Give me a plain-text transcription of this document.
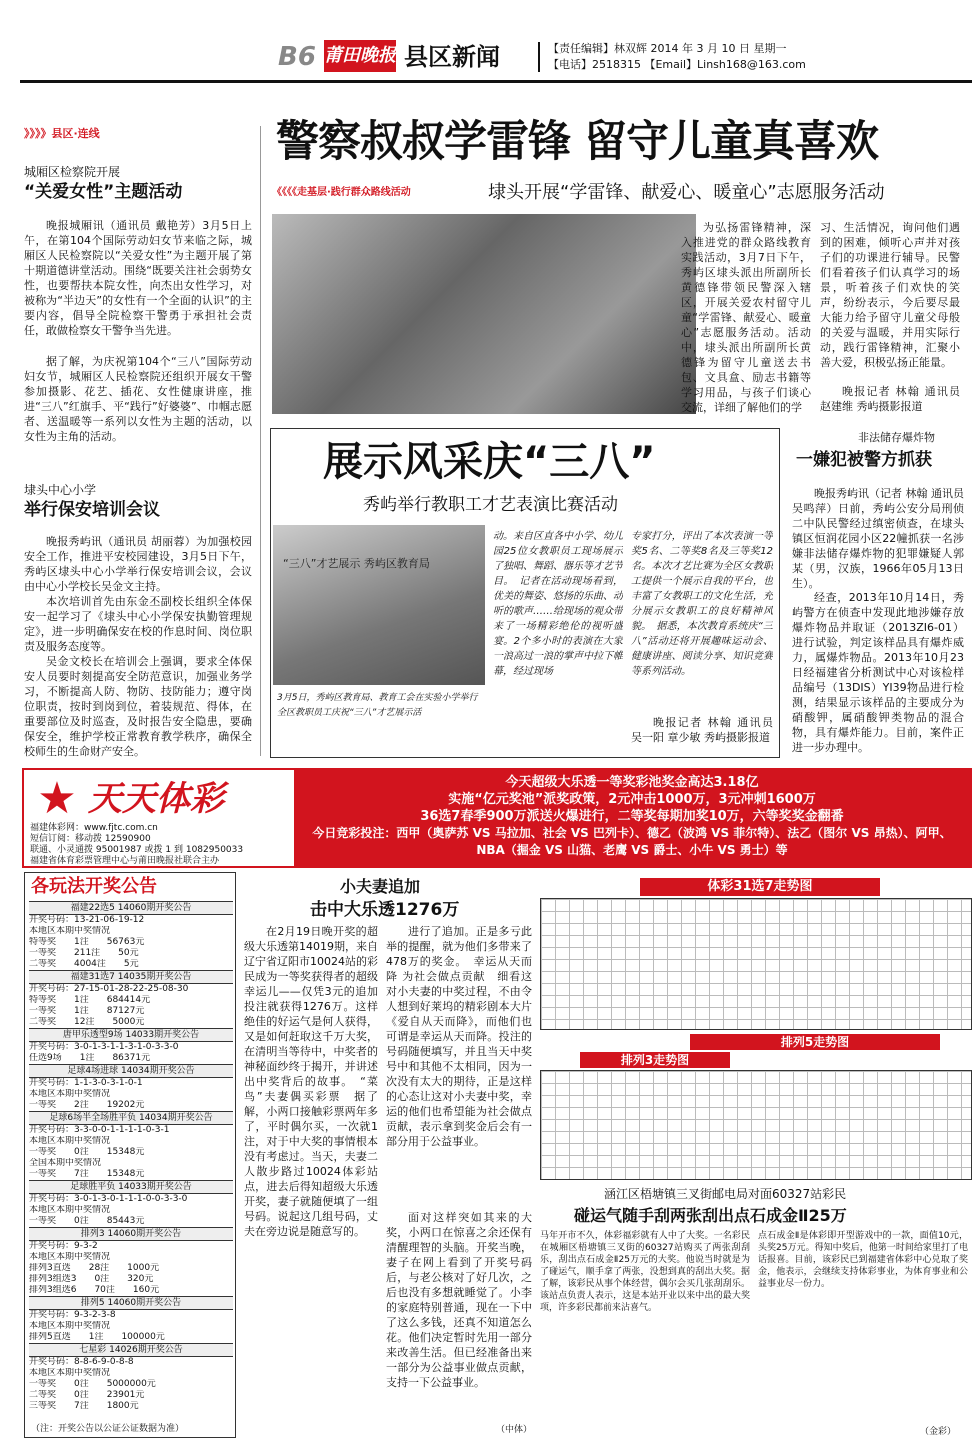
B6 莆田晚报 县区新闻	【责任编辑】林双辉 2014 年 3 月 10 日 星期一
【电话】2518315 【Email】Linsh168@163.com
》》》》县区·连线
城厢区检察院开展
“关爱女性”主题活动
晚报城厢讯（通讯员 戴艳芳）3月5日上午，在第104个国际劳动妇女节来临之际，城厢区人民检察院以“关爱女性”为主题开展了第十期道德讲堂活动。围绕“既要关注社会弱势女性，也要帮扶本院女性，向杰出女性学习，对被称为“半边天”的女性有一个全面的认识”的主要内容，倡导全院检察干警勇于承担社会责任，敢做检察女干警争当先进。
据了解，为庆祝第104个“三八”国际劳动妇女节，城厢区人民检察院还组织开展女干警参加摄影、花艺、插花、女性健康讲座，推进“三八”红旗手、平“践行”好婆婆”、巾帼志愿者、送温暖等一系列以女性为主题的活动，以女性为主角的活动。
埭头中心小学
举行保安培训会议
晚报秀屿讯（通讯员 胡丽蓉）为加强校园安全工作，推进平安校园建设，3月5日下午，秀屿区埭头中心小学举行保安培训会议，会议由中心小学校长吴金文主持。
本次培训首先由东金丕副校长组织全体保安一起学习了《埭头中心小学保安执勤管理规定》，进一步明确保安在校的作息时间、岗位职责及服务态度等。
吴金文校长在培训会上强调，要求全体保安人员要时刻提高安全防范意识，加强业务学习，不断提高人防、物防、技防能力；遵守岗位职责，按时到岗到位，着装规范、得体，在重要部位及时巡查，及时报告安全隐患，要确保安全，维护学校正常教育教学秩序，确保全校师生的生命财产安全。
警察叔叔学雷锋 留守儿童真喜欢
《《《《走基层·践行群众路线活动	埭头开展“学雷锋、献爱心、暖童心”志愿服务活动
为弘扬雷锋精神，深入推进党的群众路线教育实践活动，3月7日下午，秀屿区埭头派出所副所长黄德锋带领民警深入辖区，开展关爱农村留守儿童“学雷锋、献爱心、暖童心”志愿服务活动。活动中，埭头派出所副所长黄德锋为留守儿童送去书包、文具盒、励志书籍等学习用品，与孩子们谈心交流，详细了解他们的学
习、生活情况，询问他们遇到的困难，倾听心声并对孩子们的功课进行辅导。民警们看着孩子们认真学习的场景，听着孩子们欢快的笑声，纷纷表示，今后要尽最大能力给予留守儿童父母般的关爱与温暖，并用实际行动，践行雷锋精神，汇聚小善大爱，积极弘扬正能量。
晚报记者 林翰 通讯员 赵建维 秀屿摄影报道
展示风采庆“三八”
秀屿举行教职工才艺表演比赛活动
“三八”才艺展示 秀屿区教育局
3月5日，秀屿区教育局、教育工会在实验小学举行全区教职员工庆祝“三八”才艺展示活
动。来自区直各中小学、幼儿园25位女教职员工现场展示了独唱、舞蹈、器乐等才艺节目。　记者在活动现场看到，优美的舞姿、悠扬的乐曲、动听的歌声……给现场的观众带来了一场精彩绝伦的视听盛宴。2个多小时的表演在大家一浪高过一浪的掌声中拉下帷幕，经过现场
专家打分，评出了本次表演一等奖5名、二等奖8名及三等奖12名。本次才艺比赛为全区女教职工提供一个展示自我的平台，也丰富了女教职工的文化生活，充分展示女教职工的良好精神风貌。　据悉，本次教育系统庆“三八”活动还将开展趣味运动会、健康讲座、阅读分享、知识竞赛等系列活动。
晚报记者 林翰 通讯员 吴一阳 章少敏 秀屿摄影报道
非法储存爆炸物
一嫌犯被警方抓获
晚报秀屿讯（记者 林翰 通讯员 吴鸣萍）日前，秀屿公安分局刑侦二中队民警经过缜密侦查，在埭头镇区恒润花园小区22幢抓获一名涉嫌非法储存爆炸物的犯罪嫌疑人郭某（男，汉族，1966年05月13日生）。
经查，2013年10月14日，秀屿警方在侦查中发现此地涉嫌存放爆炸物品并取证（2013ZI6-01）进行试验，判定该样品具有爆炸威力，属爆炸物品。2013年10月23日经福建省分析测试中心对该检样品编号（13DIS）YI39物品进行检测，结果显示该样品的主要成分为硝酸钾，属硝酸钾类物品的混合物，具有爆炸能力。目前，案件正进一步办理中。
★ 天天体彩
福建体彩网：www.fjtc.com.cn
短信订阅：移动拨 12590900
联通、小灵通拨 95001987 或拨 1 到 1082950033
福建省体育彩票管理中心与莆田晚报社联合主办
今天超级大乐透一等奖彩池奖金高达3.18亿
实施“亿元奖池”派奖政策，2元冲击1000万，3元冲刺1600万
36选7春季900万派送火爆进行，二等奖每期加奖10万，六等奖奖金翻番
今日竞彩投注：西甲（奥萨苏 VS 马拉加、社会 VS 巴列卡）、德乙（波鸿 VS 菲尔特）、法乙（图尔 VS 昂热）、阿甲、NBA（掘金 VS 山猫、老鹰 VS 爵士、小牛 VS 勇士）等
各玩法开奖公告
福建22选5 14060期开奖公告
开奖号码：13-21-06-19-12
本地区本期中奖情况
特等奖　　1注　　56763元
一等奖　　211注　　50元
二等奖　　4004注　　5元
福建31选7 14035期开奖公告
开奖号码：27-15-01-28-22-25-08-30
特等奖　　1注　　684414元
一等奖　　1注　　87127元
二等奖　　12注　　5000元
唐甲乐透型9场 14033期开奖公告
开奖号码：3-0-1-3-1-1-3-1-0-3-3-0
任选9场　　1注　　86371元
足球4场进球 14034期开奖公告
开奖号码：1-1-3-0-3-1-0-1
本地区本期中奖情况
一等奖　　2注　　19202元
足球6场半全场胜平负 14034期开奖公告
开奖号码：3-3-0-0-1-1-1-1-0-3-1
本地区本期中奖情况
一等奖　　0注　　15348元
全国本期中奖情况
一等奖　　7注　　15348元
足球胜平负 14033期开奖公告
开奖号码：3-0-1-3-0-1-1-1-0-0-3-3-0
本地区本期中奖情况
一等奖　　0注　　85443元
排列3 14060期开奖公告
开奖号码：9-3-2
本地区本期中奖情况
排列3直选　　28注　　1000元
排列3组选3　　0注　　320元
排列3组选6　　70注　　160元
排列5 14060期开奖公告
开奖号码：9-3-2-3-8
本地区本期中奖情况
排列5直选　　1注　　100000元
七星彩 14026期开奖公告
开奖号码：8-8-6-9-0-8-8
本地区本期中奖情况
一等奖　　0注　　5000000元
二等奖　　0注　　23901元
三等奖　　7注　　1800元
（注：开奖公告以公证公证数据为准）
小夫妻追加
击中大乐透1276万
在2月19日晚开奖的超级大乐透第14019期，来自辽宁省辽阳市10024站的彩民成为一等奖获得者的超级幸运儿——仅凭3元的追加投注就获得1276万。这样绝佳的好运气是何人获得，又是如何赶取这千万大奖，在清明当等待中，中奖者的神秘面纱终于揭开，并讲述出中奖背后的故事。　“菜鸟”夫妻偶买彩票　据了解，小两口接触彩票两年多了，平时偶尔买，一次就1注，对于中大奖的事情根本没有考虑过。当天，夫妻二人散步路过10024体彩站点，进去后得知超级大乐透开奖，妻子就随便填了一组号码。说起这几组号码，丈夫在旁边说是随意写的。
进行了追加。正是多亏此举的提醒，就为他们多带来了478万的奖金。　幸运从天而降 为社会做点贡献　细看这对小夫妻的中奖过程，不由令人想到好莱坞的精彩剧本大片《爱自从天而降》，而他们也可谓是幸运从天而降。投注的号码随便填写，并且当天中奖号中和其他不太相同，因为一次没有太大的期待，正是这样的心态让这对小夫妻中奖，幸运的他们也希望能为社会做点贡献，表示拿到奖金后会有一部分用于公益事业。
面对这样突如其来的大奖，小两口在惊喜之余还保有清醒理智的头脑。开奖当晚，妻子在网上看到了开奖号码后，与老公核对了好几次，之后也没有多想就睡觉了。小李的家庭特别普通，现在一下中了这么多钱，还真不知道怎么花。他们决定暂时先用一部分来改善生活。但已经准备出来一部分为公益事业做点贡献，支持一下公益事业。
（中体）
体彩31选7走势图
排列5走势图
排列3走势图
涵江区梧塘镇三叉街邮电局对面60327站彩民
碰运气随手刮两张刮出点石成金Ⅱ25万
马年开市不久，体彩福彩就有人中了大奖。一名彩民在城厢区梧塘镇三叉街的60327站购买了两张刮刮乐，刮出点石成金Ⅱ25万元的大奖。他说当时就是为了碰运气，顺手拿了两张，没想到真的刮出大奖。据了解，该彩民从事个体经营，偶尔会买几张刮刮乐。该站点负责人表示，这是本站开业以来中出的最大奖项，许多彩民都前来沾喜气。
点石成金Ⅱ是体彩即开型游戏中的一款，面值10元，头奖25万元。得知中奖后，他第一时间给家里打了电话报喜。目前，该彩民已到福建省体彩中心兑取了奖金，他表示，会继续支持体彩事业，为体育事业和公益事业尽一份力。
（金彩）
